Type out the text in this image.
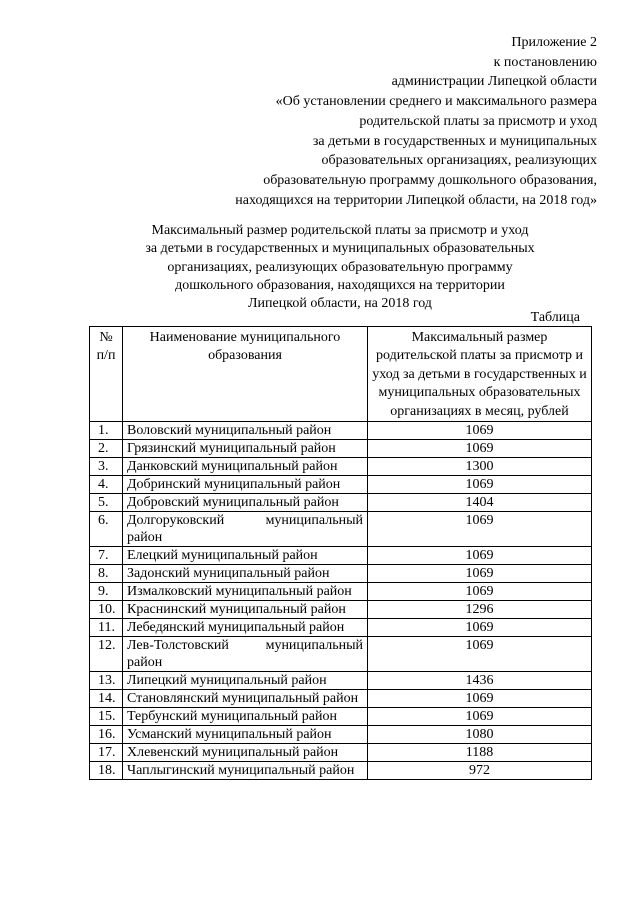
Приложение 2
к постановлению
администрации Липецкой области
«Об установлении среднего и максимального размера
родительской платы за присмотр и уход
за детьми в государственных и муниципальных
образовательных организациях, реализующих
образовательную программу дошкольного образования,
находящихся на территории Липецкой области, на 2018 год»
Максимальный размер родительской платы за присмотр и уход
за детьми в государственных и муниципальных образовательных
организациях, реализующих образовательную программу
дошкольного образования, находящихся на территории
Липецкой области, на 2018 год
Таблица
№ п/п	Наименование муниципального образования	Максимальный размер родительской платы за присмотр и уход за детьми в государственных и муниципальных образовательных организациях в месяц, рублей
1.	Воловский муниципальный район	1069
2.	Грязинский муниципальный район	1069
3.	Данковский муниципальный район	1300
4.	Добринский муниципальный район	1069
5.	Добровский муниципальный район	1404
6.	Долгоруковский муниципальный район	1069
7.	Елецкий муниципальный район	1069
8.	Задонский муниципальный район	1069
9.	Измалковский муниципальный район	1069
10.	Краснинский муниципальный район	1296
11.	Лебедянский муниципальный район	1069
12.	Лев-Толстовский муниципальный район	1069
13.	Липецкий муниципальный район	1436
14.	Становлянский муниципальный район	1069
15.	Тербунский муниципальный район	1069
16.	Усманский муниципальный район	1080
17.	Хлевенский муниципальный район	1188
18.	Чаплыгинский муниципальный район	972
